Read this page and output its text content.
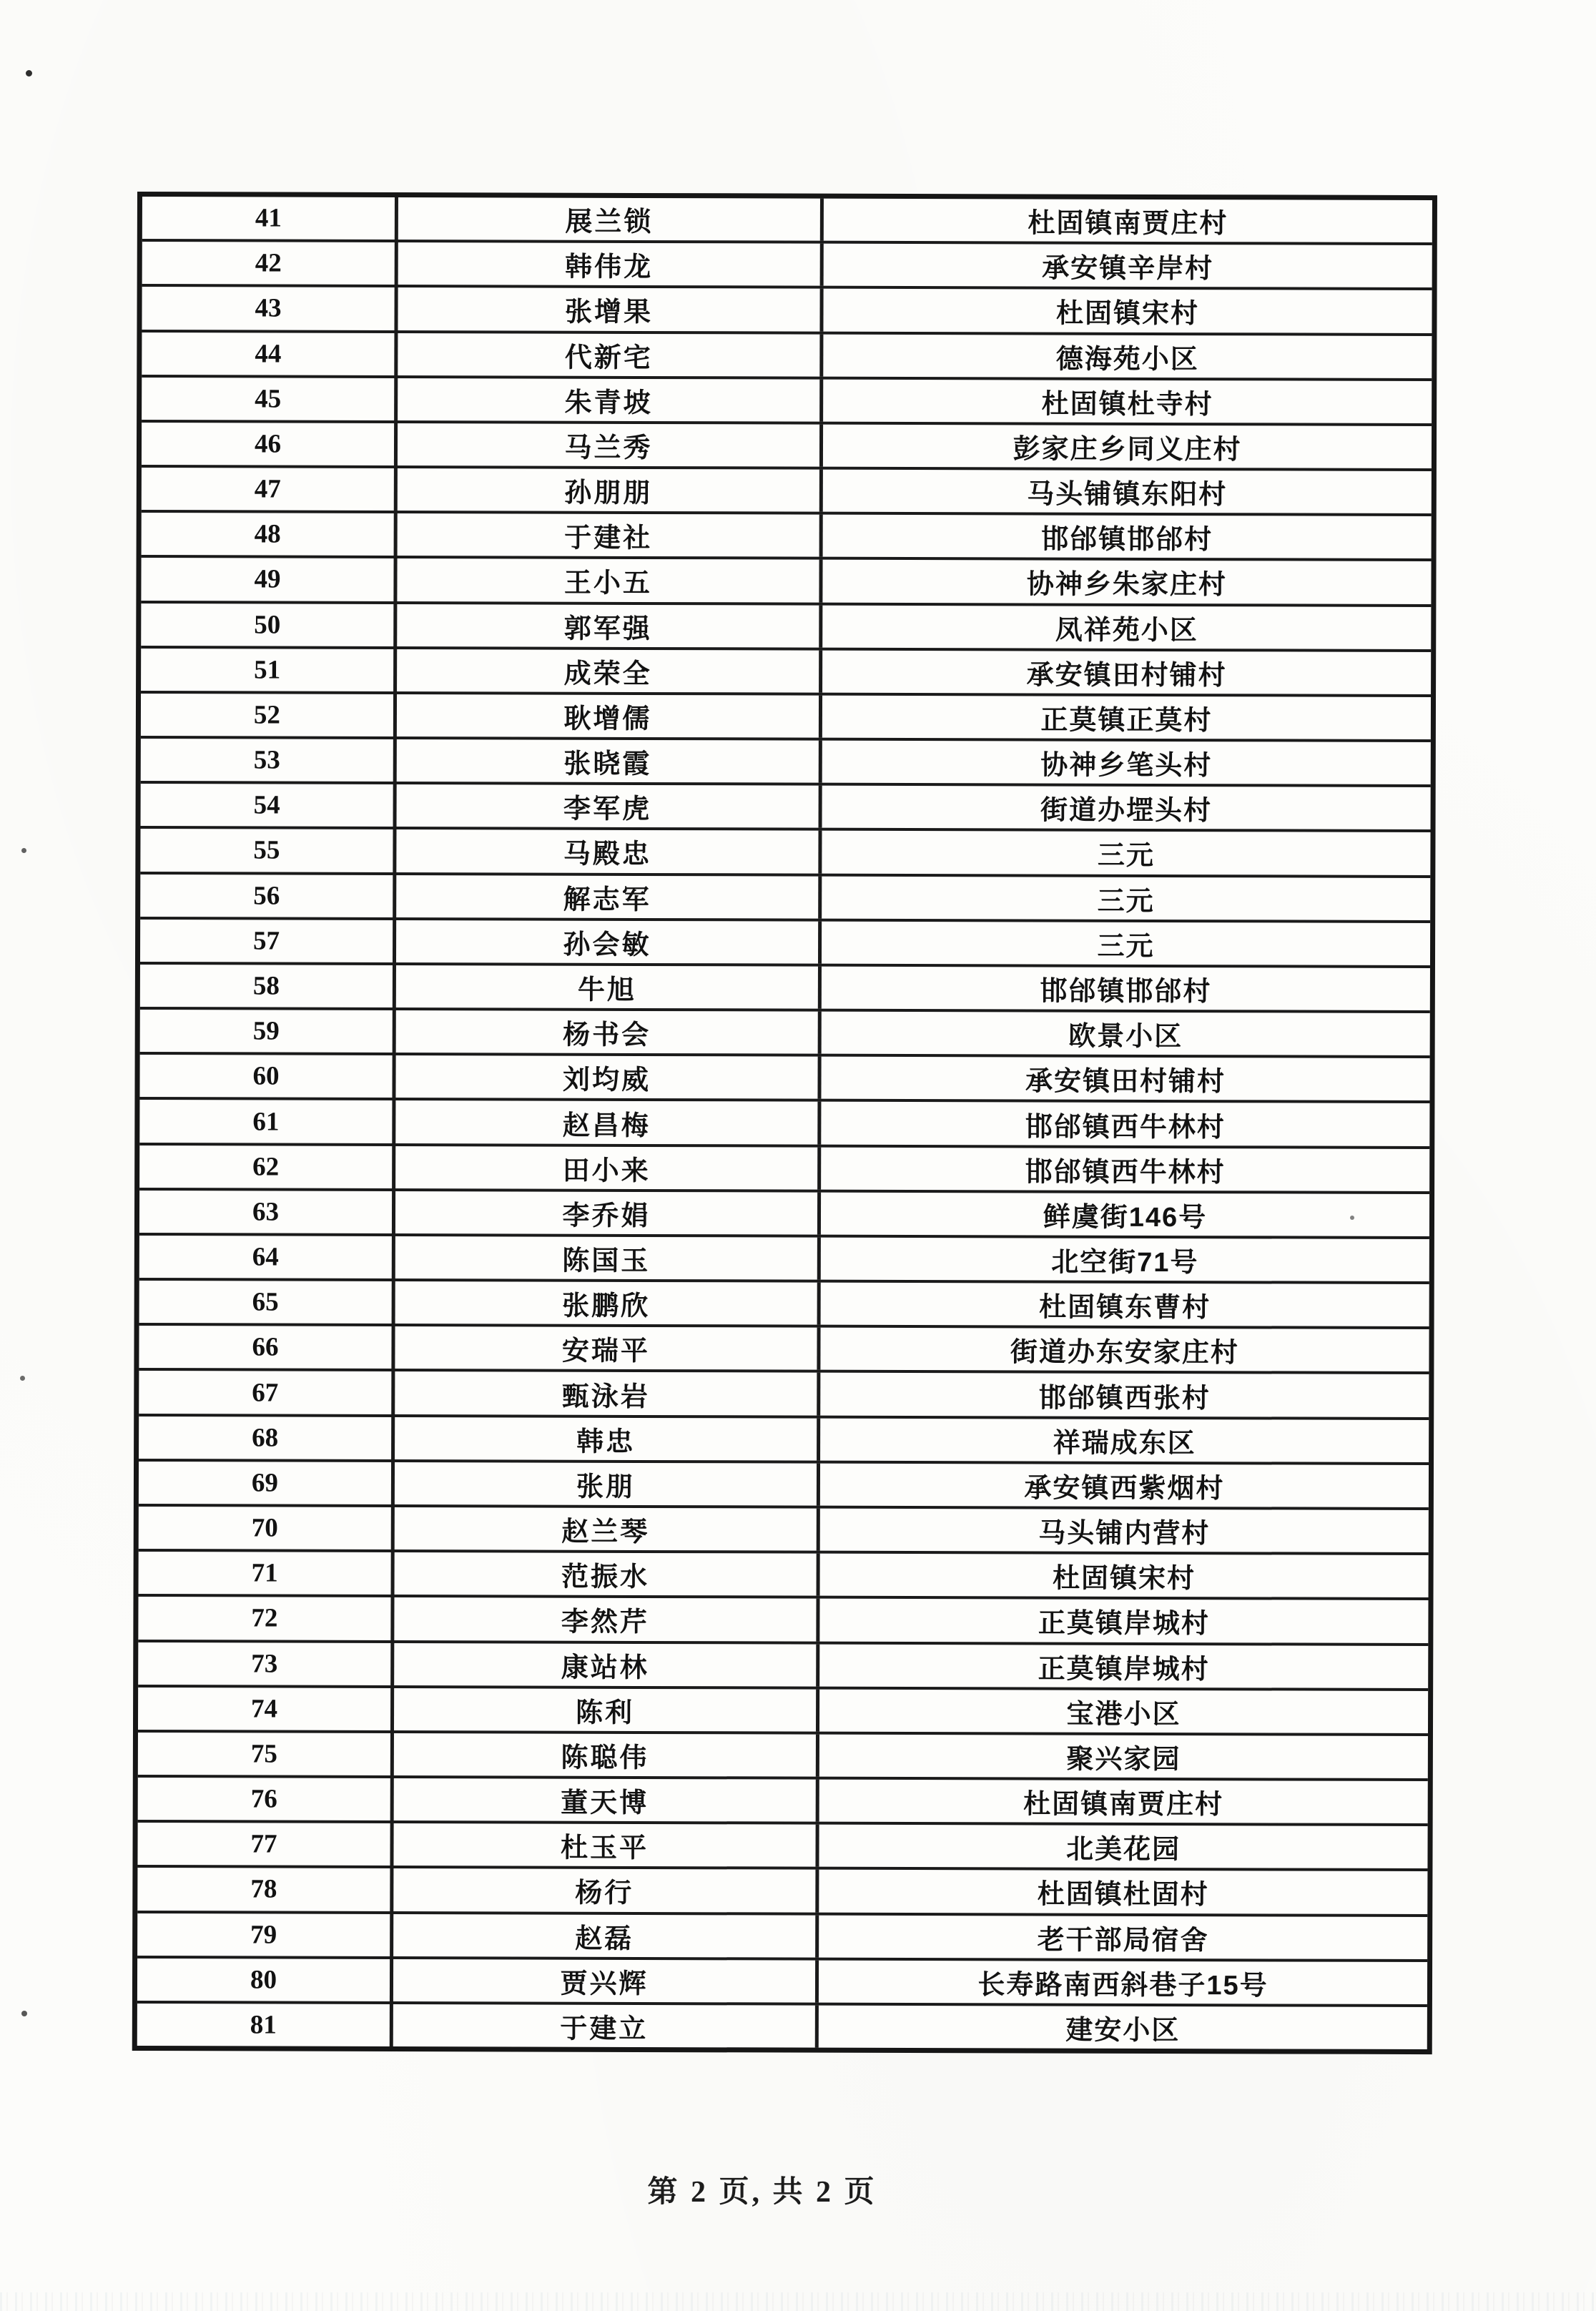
41	展兰锁	杜固镇南贾庄村
42	韩伟龙	承安镇辛岸村
43	张增果	杜固镇宋村
44	代新宅	德海苑小区
45	朱青坡	杜固镇杜寺村
46	马兰秀	彭家庄乡同义庄村
47	孙朋朋	马头铺镇东阳村
48	于建社	邯邰镇邯邰村
49	王小五	协神乡朱家庄村
50	郭军强	凤祥苑小区
51	成荣全	承安镇田村铺村
52	耿增儒	正莫镇正莫村
53	张晓霞	协神乡笔头村
54	李军虎	街道办堽头村
55	马殿忠	三元
56	解志军	三元
57	孙会敏	三元
58	牛旭	邯邰镇邯邰村
59	杨书会	欧景小区
60	刘均威	承安镇田村铺村
61	赵昌梅	邯邰镇西牛林村
62	田小来	邯邰镇西牛林村
63	李乔娟	鲜虞街146号
64	陈国玉	北空街71号
65	张鹏欣	杜固镇东曹村
66	安瑞平	街道办东安家庄村
67	甄泳岩	邯邰镇西张村
68	韩忠	祥瑞成东区
69	张朋	承安镇西紫烟村
70	赵兰琴	马头铺内营村
71	范振水	杜固镇宋村
72	李然芹	正莫镇岸城村
73	康站林	正莫镇岸城村
74	陈利	宝港小区
75	陈聪伟	聚兴家园
76	董天博	杜固镇南贾庄村
77	杜玉平	北美花园
78	杨行	杜固镇杜固村
79	赵磊	老干部局宿舍
80	贾兴辉	长寿路南西斜巷子15号
81	于建立	建安小区
第 2 页, 共 2 页
